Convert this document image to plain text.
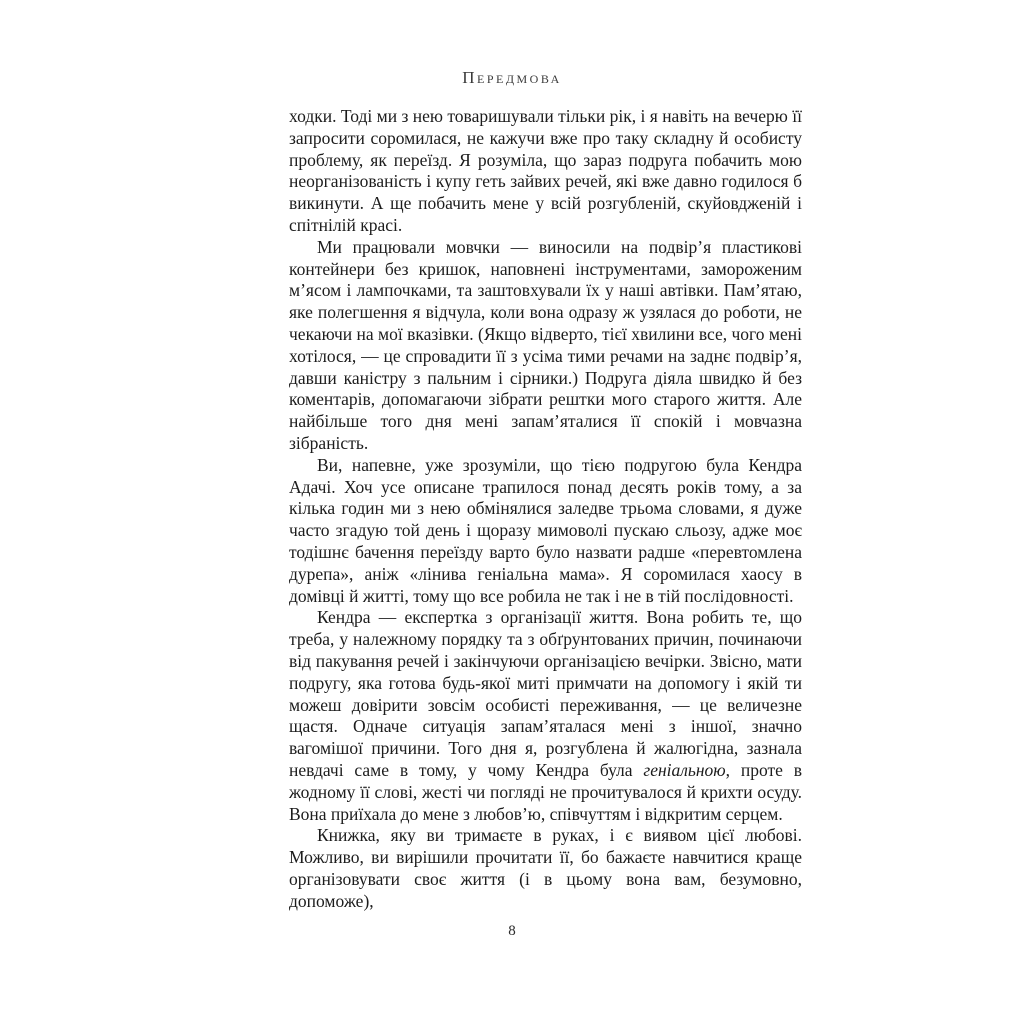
Передмова

ходки. Тоді ми з нею товаришували тільки рік, і я навіть на вечерю її запросити соромилася, не кажучи вже про таку складну й особисту проблему, як переїзд. Я розуміла, що зараз подруга побачить мою неорганізованість і купу геть зайвих речей, які вже давно годилося б викинути. А ще побачить мене у всій розгубленій, скуйовдженій і спітнілій красі.

Ми працювали мовчки — виносили на подвір’я пластикові контейнери без кришок, наповнені інструментами, замороженим м’ясом і лампочками, та заштовхували їх у наші автівки. Пам’ятаю, яке полегшення я відчула, коли вона одразу ж узялася до роботи, не чекаючи на мої вказівки. (Якщо відверто, тієї хвилини все, чого мені хотілося, — це спровадити її з усіма тими речами на заднє подвір’я, давши каністру з пальним і сірники.) Подруга діяла швидко й без коментарів, допомагаючи зібрати рештки мого старого життя. Але найбільше того дня мені запам’яталися її спокій і мовчазна зібраність.

Ви, напевне, уже зрозуміли, що тією подругою була Кендра Адачі. Хоч усе описане трапилося понад десять років тому, а за кілька годин ми з нею обмінялися заледве трьома словами, я дуже часто згадую той день і щоразу мимоволі пускаю сльозу, адже моє тодішнє бачення переїзду варто було назвати радше «перевтомлена дурепа», аніж «лінива геніальна мама». Я соромилася хаосу в домівці й житті, тому що все робила не так і не в тій послідовності.

Кендра — експертка з організації життя. Вона робить те, що треба, у належному порядку та з обґрунтованих причин, починаючи від пакування речей і закінчуючи організацією вечірки. Звісно, мати подругу, яка готова будь-якої миті примчати на допомогу і якій ти можеш довірити зовсім особисті переживання, — це величезне щастя. Одначе ситуація запам’яталася мені з іншої, значно вагомішої причини. Того дня я, розгублена й жалюгідна, зазнала невдачі саме в тому, у чому Кендра була геніальною, проте в жодному її слові, жесті чи погляді не прочитувалося й крихти осуду. Вона приїхала до мене з любов’ю, співчуттям і відкритим серцем.

Книжка, яку ви тримаєте в руках, і є виявом цієї любові. Можливо, ви вирішили прочитати її, бо бажаєте навчитися краще організовувати своє життя (і в цьому вона вам, безумовно, допоможе),

8
